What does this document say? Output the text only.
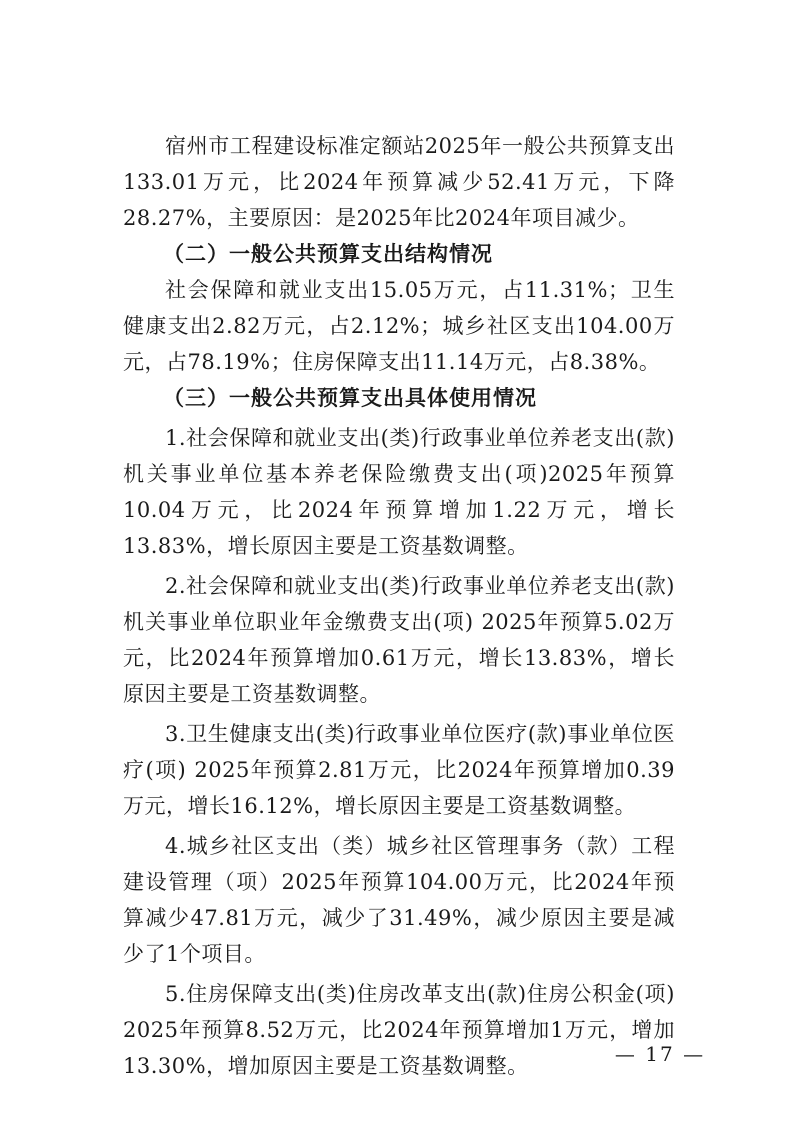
宿州市工程建设标准定额站2025年一般公共预算支出133.01万元，比2024年预算减少52.41万元，下降28.27%，主要原因：是2025年比2024年项目减少。

（二）一般公共预算支出结构情况

社会保障和就业支出15.05万元，占11.31%；卫生健康支出2.82万元，占2.12%；城乡社区支出104.00万元，占78.19%；住房保障支出11.14万元，占8.38%。

（三）一般公共预算支出具体使用情况

1.社会保障和就业支出(类)行政事业单位养老支出(款)机关事业单位基本养老保险缴费支出(项)2025年预算10.04万元，比2024年预算增加1.22万元，增长13.83%，增长原因主要是工资基数调整。

2.社会保障和就业支出(类)行政事业单位养老支出(款)机关事业单位职业年金缴费支出(项) 2025年预算5.02万元，比2024年预算增加0.61万元，增长13.83%，增长原因主要是工资基数调整。

3.卫生健康支出(类)行政事业单位医疗(款)事业单位医疗(项) 2025年预算2.81万元，比2024年预算增加0.39万元，增长16.12%，增长原因主要是工资基数调整。

4.城乡社区支出（类）城乡社区管理事务（款）工程建设管理（项）2025年预算104.00万元，比2024年预算减少47.81万元，减少了31.49%，减少原因主要是减少了1个项目。

5.住房保障支出(类)住房改革支出(款)住房公积金(项) 2025年预算8.52万元，比2024年预算增加1万元，增加13.30%，增加原因主要是工资基数调整。	— 17 —
